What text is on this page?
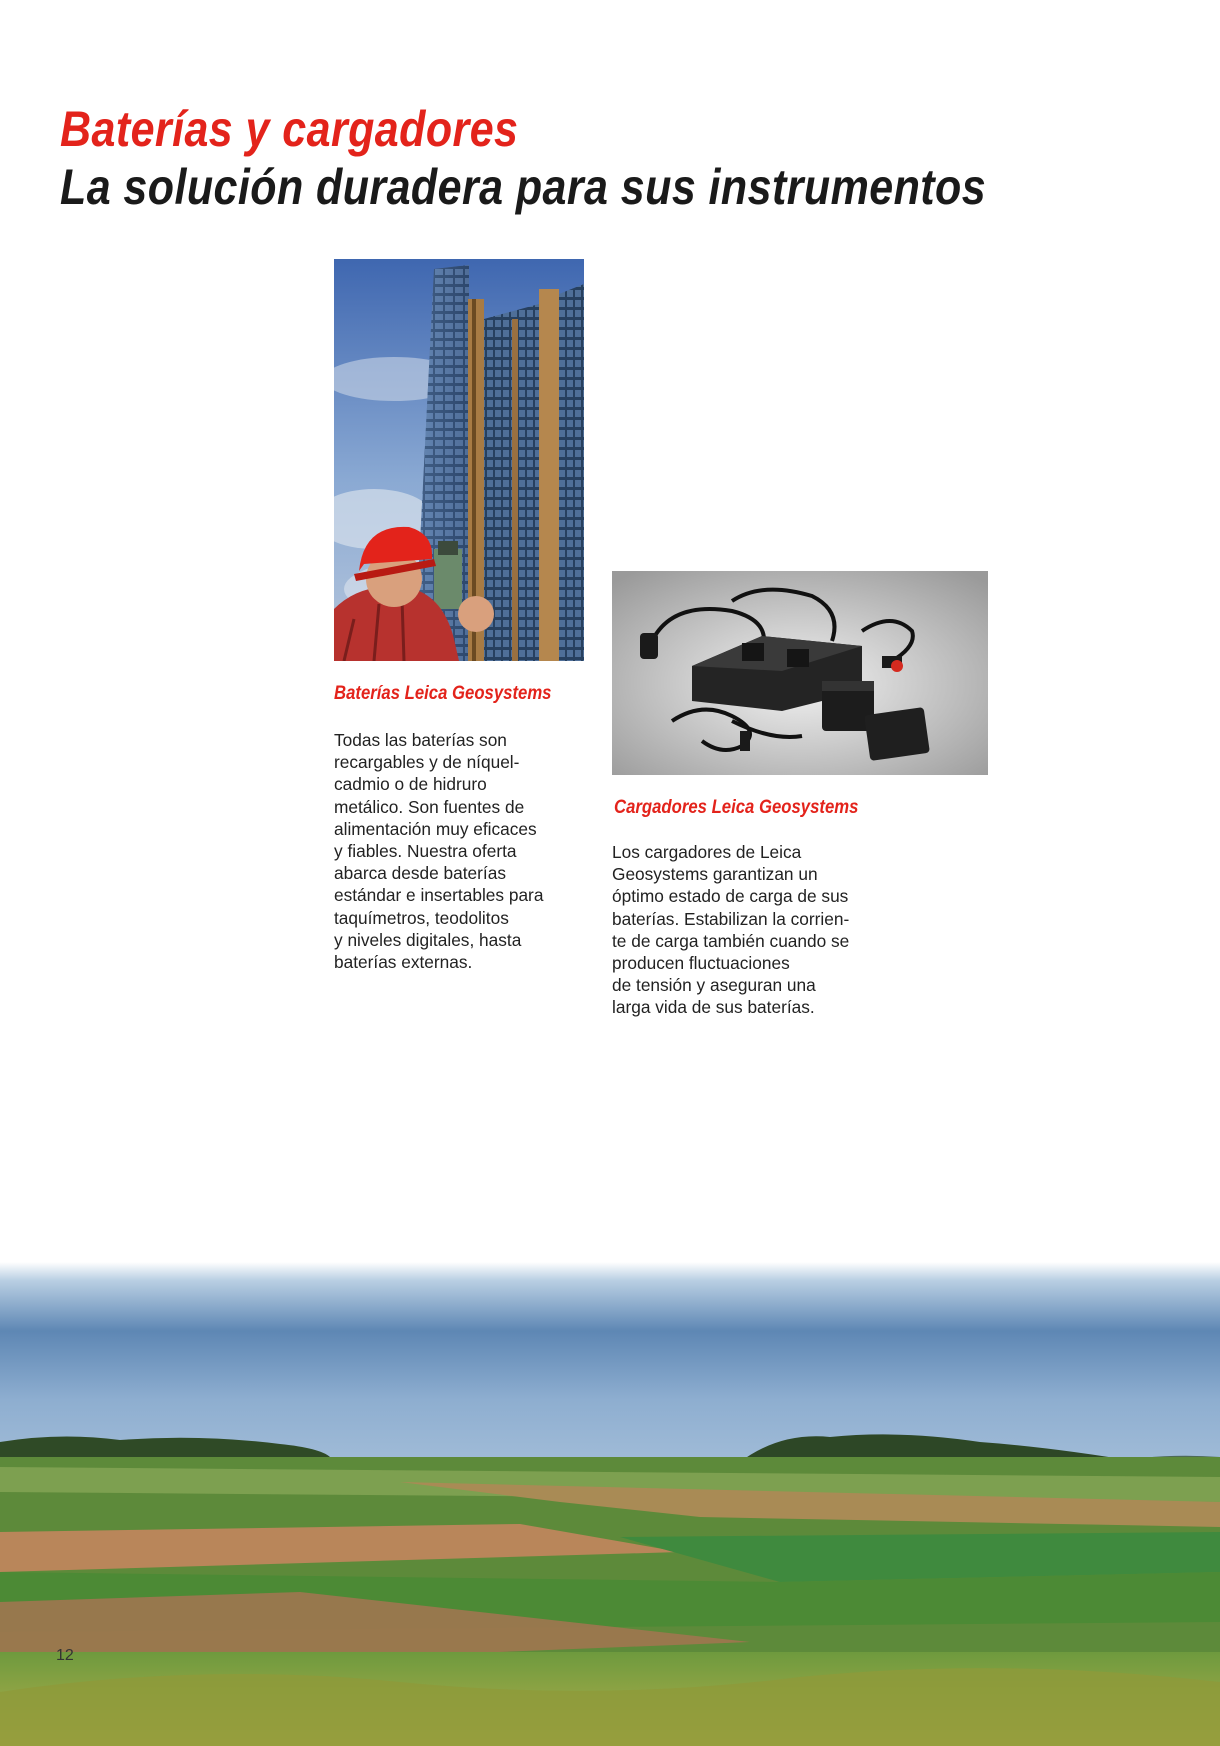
Baterías y cargadores
La solución duradera para sus instrumentos

Baterías Leica Geosystems

Todas las baterías son
recargables y de níquel-
cadmio o de hidruro
metálico. Son fuentes de
alimentación muy eficaces
y fiables. Nuestra oferta
abarca desde baterías
estándar e insertables para
taquímetros, teodolitos
y niveles digitales, hasta
baterías externas.

Cargadores Leica Geosystems

Los cargadores de Leica
Geosystems garantizan un
óptimo estado de carga de sus
baterías. Estabilizan la corrien-
te de carga también cuando se
producen fluctuaciones
de tensión y aseguran una
larga vida de sus baterías.
12
